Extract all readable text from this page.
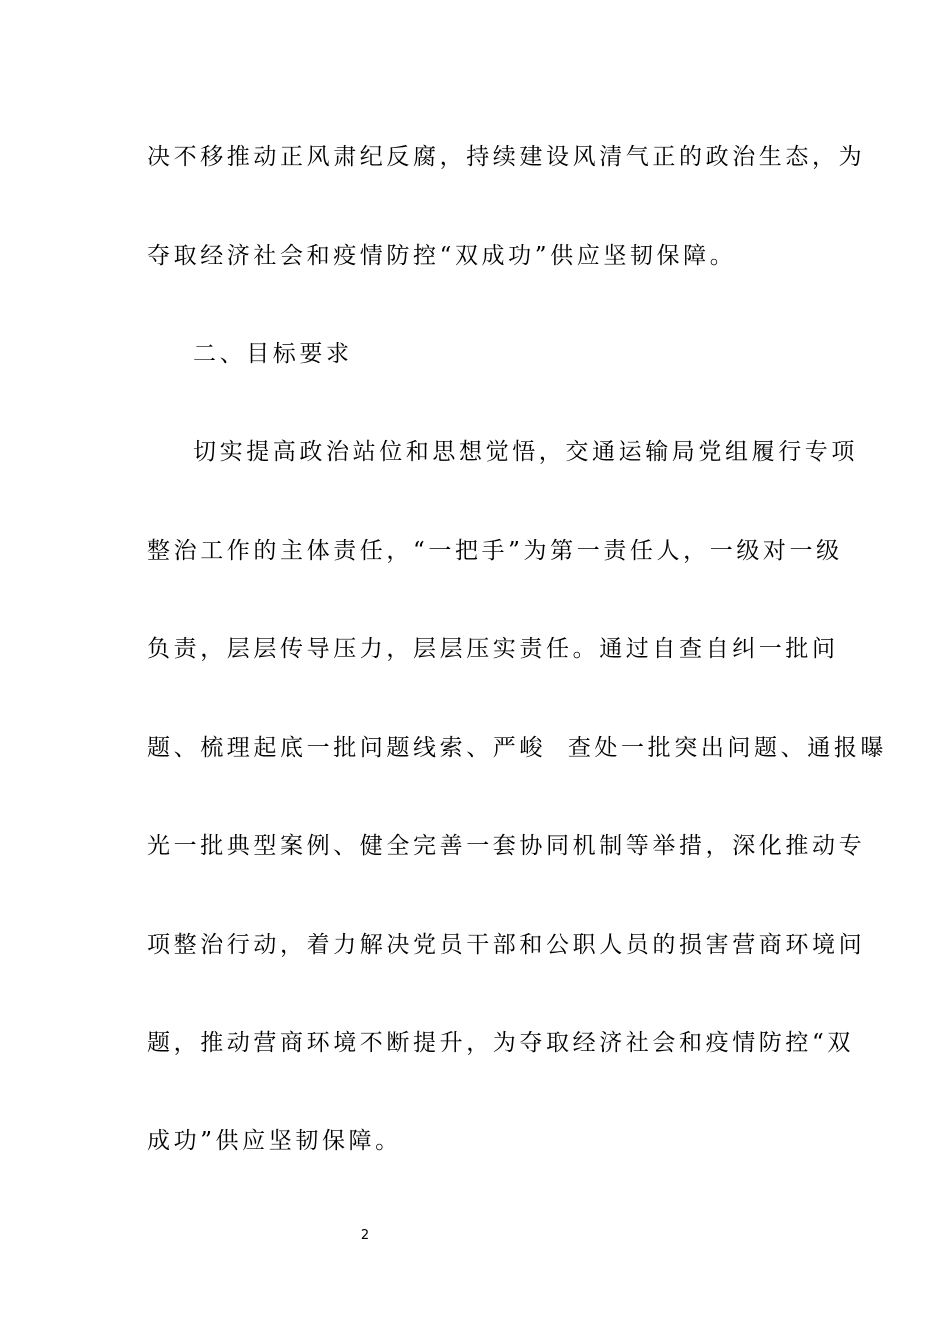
决不移推动正风肃纪反腐，持续建设风清气正的政治生态，为
夺取经济社会和疫情防控“双成功”供应坚韧保障。
二、目标要求
切实提高政治站位和思想觉悟，交通运输局党组履行专项
整治工作的主体责任，“一把手”为第一责任人，一级对一级
负责，层层传导压力，层层压实责任。通过自查自纠一批问
题、梳理起底一批问题线索、严峻  查处一批突出问题、通报曝
光一批典型案例、健全完善一套协同机制等举措，深化推动专
项整治行动，着力解决党员干部和公职人员的损害营商环境问
题，推动营商环境不断提升，为夺取经济社会和疫情防控“双
成功”供应坚韧保障。
2
